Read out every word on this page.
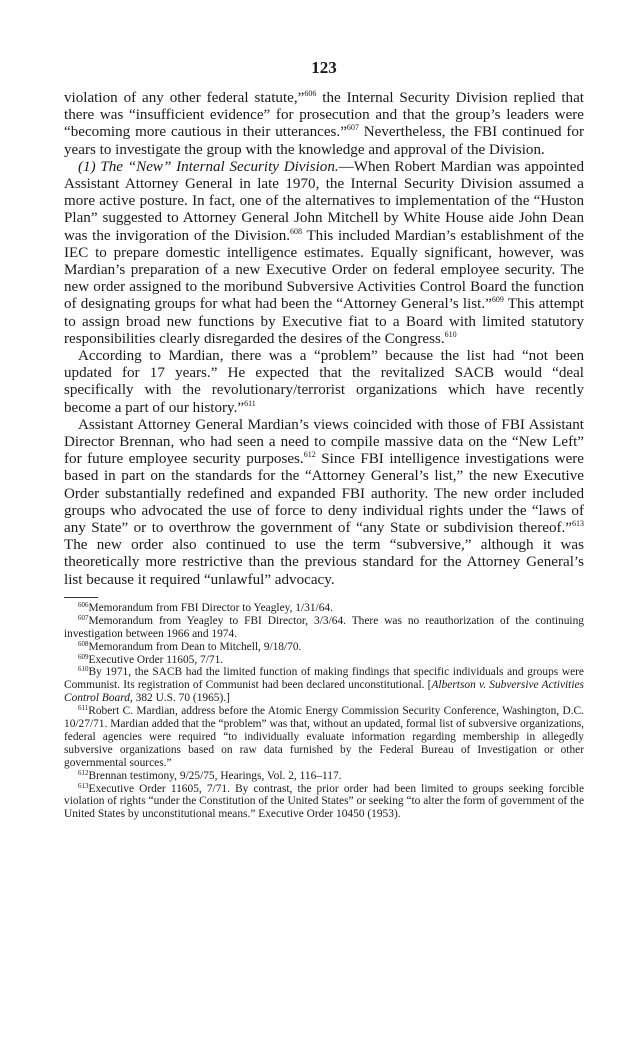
123

violation of any other federal statute,”$^{606}$ the Internal Security Division replied that there was “insufficient evidence” for prosecution and that the group’s leaders were “becoming more cautious in their utterances.”$^{607}$ Nevertheless, the FBI continued for years to investigate the group with the knowledge and approval of the Division.

(1) The “New” Internal Security Division.—When Robert Mardian was appointed Assistant Attorney General in late 1970, the Internal Security Division assumed a more active posture. In fact, one of the alternatives to implementation of the “Huston Plan” suggested to Attorney General John Mitchell by White House aide John Dean was the invigoration of the Division.$^{608}$ This included Mardian’s establishment of the IEC to prepare domestic intelligence estimates. Equally significant, however, was Mardian’s preparation of a new Executive Order on federal employee security. The new order assigned to the moribund Subversive Activities Control Board the function of designating groups for what had been the “Attorney General’s list.”$^{609}$ This attempt to assign broad new functions by Executive fiat to a Board with limited statutory responsibilities clearly disregarded the desires of the Congress.$^{610}$

According to Mardian, there was a “problem” because the list had “not been updated for 17 years.” He expected that the revitalized SACB would “deal specifically with the revolutionary/terrorist organizations which have recently become a part of our history.”$^{611}$

Assistant Attorney General Mardian’s views coincided with those of FBI Assistant Director Brennan, who had seen a need to compile massive data on the “New Left” for future employee security purposes.$^{612}$ Since FBI intelligence investigations were based in part on the standards for the “Attorney General’s list,” the new Executive Order substantially redefined and expanded FBI authority. The new order included groups who advocated the use of force to deny individual rights under the “laws of any State” or to overthrow the government of “any State or subdivision thereof.”$^{613}$ The new order also continued to use the term “subversive,” although it was theoretically more restrictive than the previous standard for the Attorney General’s list because it required “unlawful” advocacy.

$^{606}$Memorandum from FBI Director to Yeagley, 1/31/64.

$^{607}$Memorandum from Yeagley to FBI Director, 3/3/64. There was no reauthorization of the continuing investigation between 1966 and 1974.

$^{608}$Memorandum from Dean to Mitchell, 9/18/70.

$^{609}$Executive Order 11605, 7/71.

$^{610}$By 1971, the SACB had the limited function of making findings that specific individuals and groups were Communist. Its registration of Communist had been declared unconstitutional. [Albertson v. Subversive Activities Control Board, 382 U.S. 70 (1965).]

$^{611}$Robert C. Mardian, address before the Atomic Energy Commission Security Conference, Washington, D.C. 10/27/71. Mardian added that the “problem” was that, without an updated, formal list of subversive organizations, federal agencies were required “to individually evaluate information regarding membership in allegedly subversive organizations based on raw data furnished by the Federal Bureau of Investigation or other governmental sources.”

$^{612}$Brennan testimony, 9/25/75, Hearings, Vol. 2, 116–117.

$^{613}$Executive Order 11605, 7/71. By contrast, the prior order had been limited to groups seeking forcible violation of rights “under the Constitution of the United States” or seeking “to alter the form of government of the United States by unconstitutional means.” Executive Order 10450 (1953).
